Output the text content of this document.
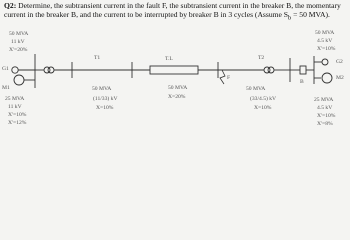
Q2: Determine, the subtransient current in the fault F, the subtransient current in the breaker B, the momentary current in the breaker B, and the current to be interrupted by breaker B in 3 cycles (Assume $S_b = 50$ MVA).
50 MVA
11 kV
X'=20%
G1
M1
25 MVA
11 kV
X'=10%
X'=12%
T1
50 MVA
(11/33) kV
X=10%
T.L
50 MVA
X=20%
F
T2
50 MVA
(33/4.5) kV
X=10%
B
50 MVA
4.5 kV
X'=10%
G2
M2
25 MVA
4.5 kV
X'=10%
X'=8%
